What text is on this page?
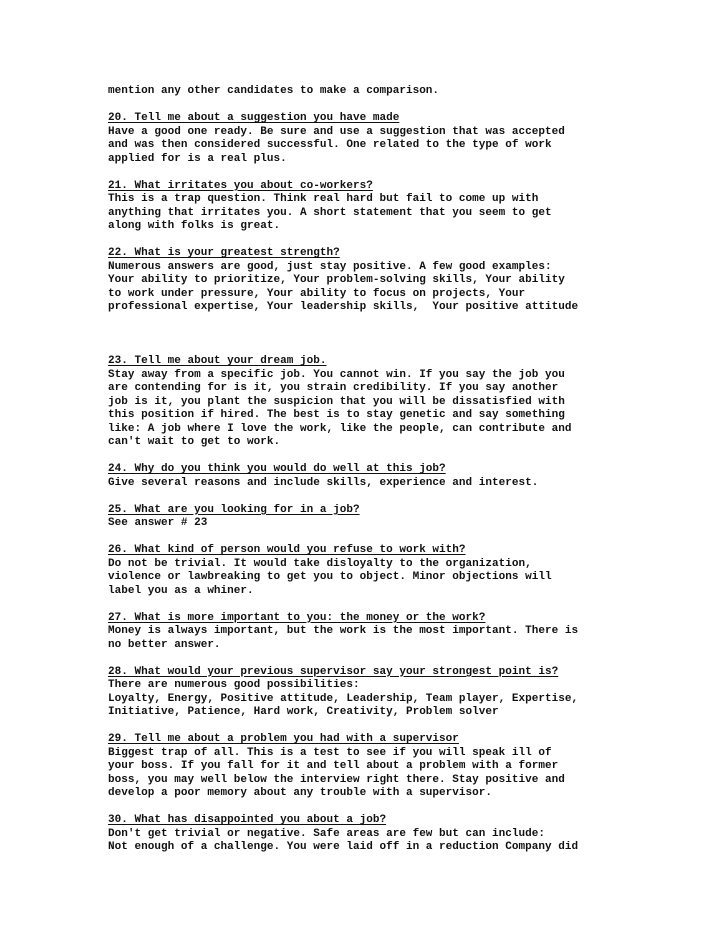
mention any other candidates to make a comparison.
20. Tell me about a suggestion you have made
Have a good one ready. Be sure and use a suggestion that was accepted
and was then considered successful. One related to the type of work
applied for is a real plus.
21. What irritates you about co-workers?
This is a trap question. Think real hard but fail to come up with
anything that irritates you. A short statement that you seem to get
along with folks is great.
22. What is your greatest strength?
Numerous answers are good, just stay positive. A few good examples:
Your ability to prioritize, Your problem-solving skills, Your ability
to work under pressure, Your ability to focus on projects, Your
professional expertise, Your leadership skills,  Your positive attitude
23. Tell me about your dream job.
Stay away from a specific job. You cannot win. If you say the job you
are contending for is it, you strain credibility. If you say another
job is it, you plant the suspicion that you will be dissatisfied with
this position if hired. The best is to stay genetic and say something
like: A job where I love the work, like the people, can contribute and
can't wait to get to work.
24. Why do you think you would do well at this job?
Give several reasons and include skills, experience and interest.
25. What are you looking for in a job?
See answer # 23
26. What kind of person would you refuse to work with?
Do not be trivial. It would take disloyalty to the organization,
violence or lawbreaking to get you to object. Minor objections will
label you as a whiner.
27. What is more important to you: the money or the work?
Money is always important, but the work is the most important. There is
no better answer.
28. What would your previous supervisor say your strongest point is?
There are numerous good possibilities:
Loyalty, Energy, Positive attitude, Leadership, Team player, Expertise,
Initiative, Patience, Hard work, Creativity, Problem solver
29. Tell me about a problem you had with a supervisor
Biggest trap of all. This is a test to see if you will speak ill of
your boss. If you fall for it and tell about a problem with a former
boss, you may well below the interview right there. Stay positive and
develop a poor memory about any trouble with a supervisor.
30. What has disappointed you about a job?
Don't get trivial or negative. Safe areas are few but can include:
Not enough of a challenge. You were laid off in a reduction Company did
